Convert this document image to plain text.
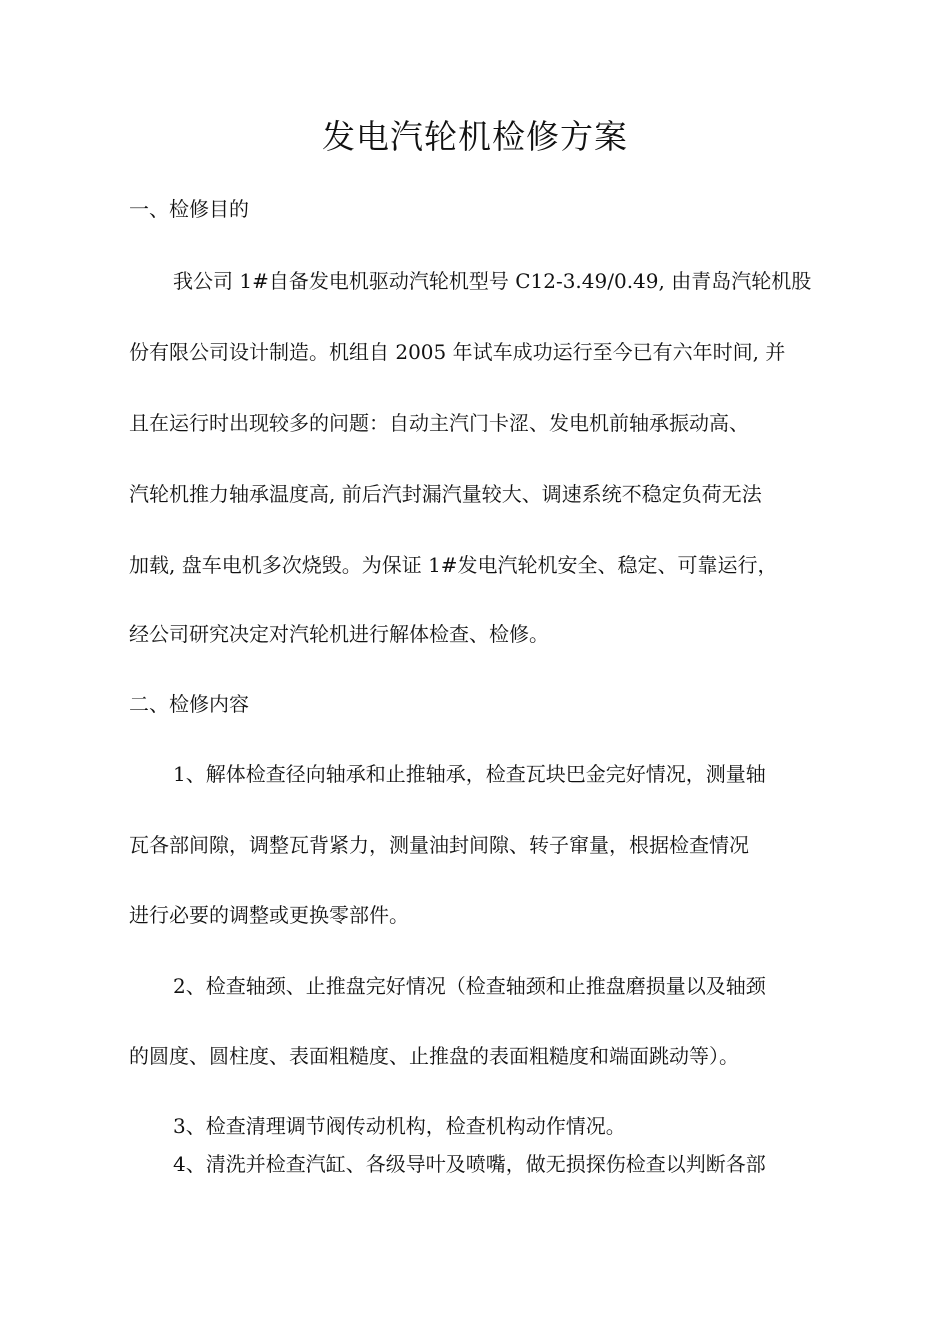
发电汽轮机检修方案
一、检修目的
我公司 1#自备发电机驱动汽轮机型号 C12-3.49/0.49, 由青岛汽轮机股
份有限公司设计制造。机组自 2005 年试车成功运行至今已有六年时间, 并
且在运行时出现较多的问题：自动主汽门卡涩、发电机前轴承振动高、
汽轮机推力轴承温度高, 前后汽封漏汽量较大、调速系统不稳定负荷无法
加载, 盘车电机多次烧毁。为保证 1#发电汽轮机安全、稳定、可靠运行，
经公司研究决定对汽轮机进行解体检查、检修。
二、检修内容
1、解体检查径向轴承和止推轴承，检查瓦块巴金完好情况，测量轴
瓦各部间隙，调整瓦背紧力，测量油封间隙、转子窜量，根据检查情况
进行必要的调整或更换零部件。
2、检查轴颈、止推盘完好情况（检查轴颈和止推盘磨损量以及轴颈
的圆度、圆柱度、表面粗糙度、止推盘的表面粗糙度和端面跳动等）。
3、检查清理调节阀传动机构，检查机构动作情况。
4、清洗并检查汽缸、各级导叶及喷嘴，做无损探伤检查以判断各部
